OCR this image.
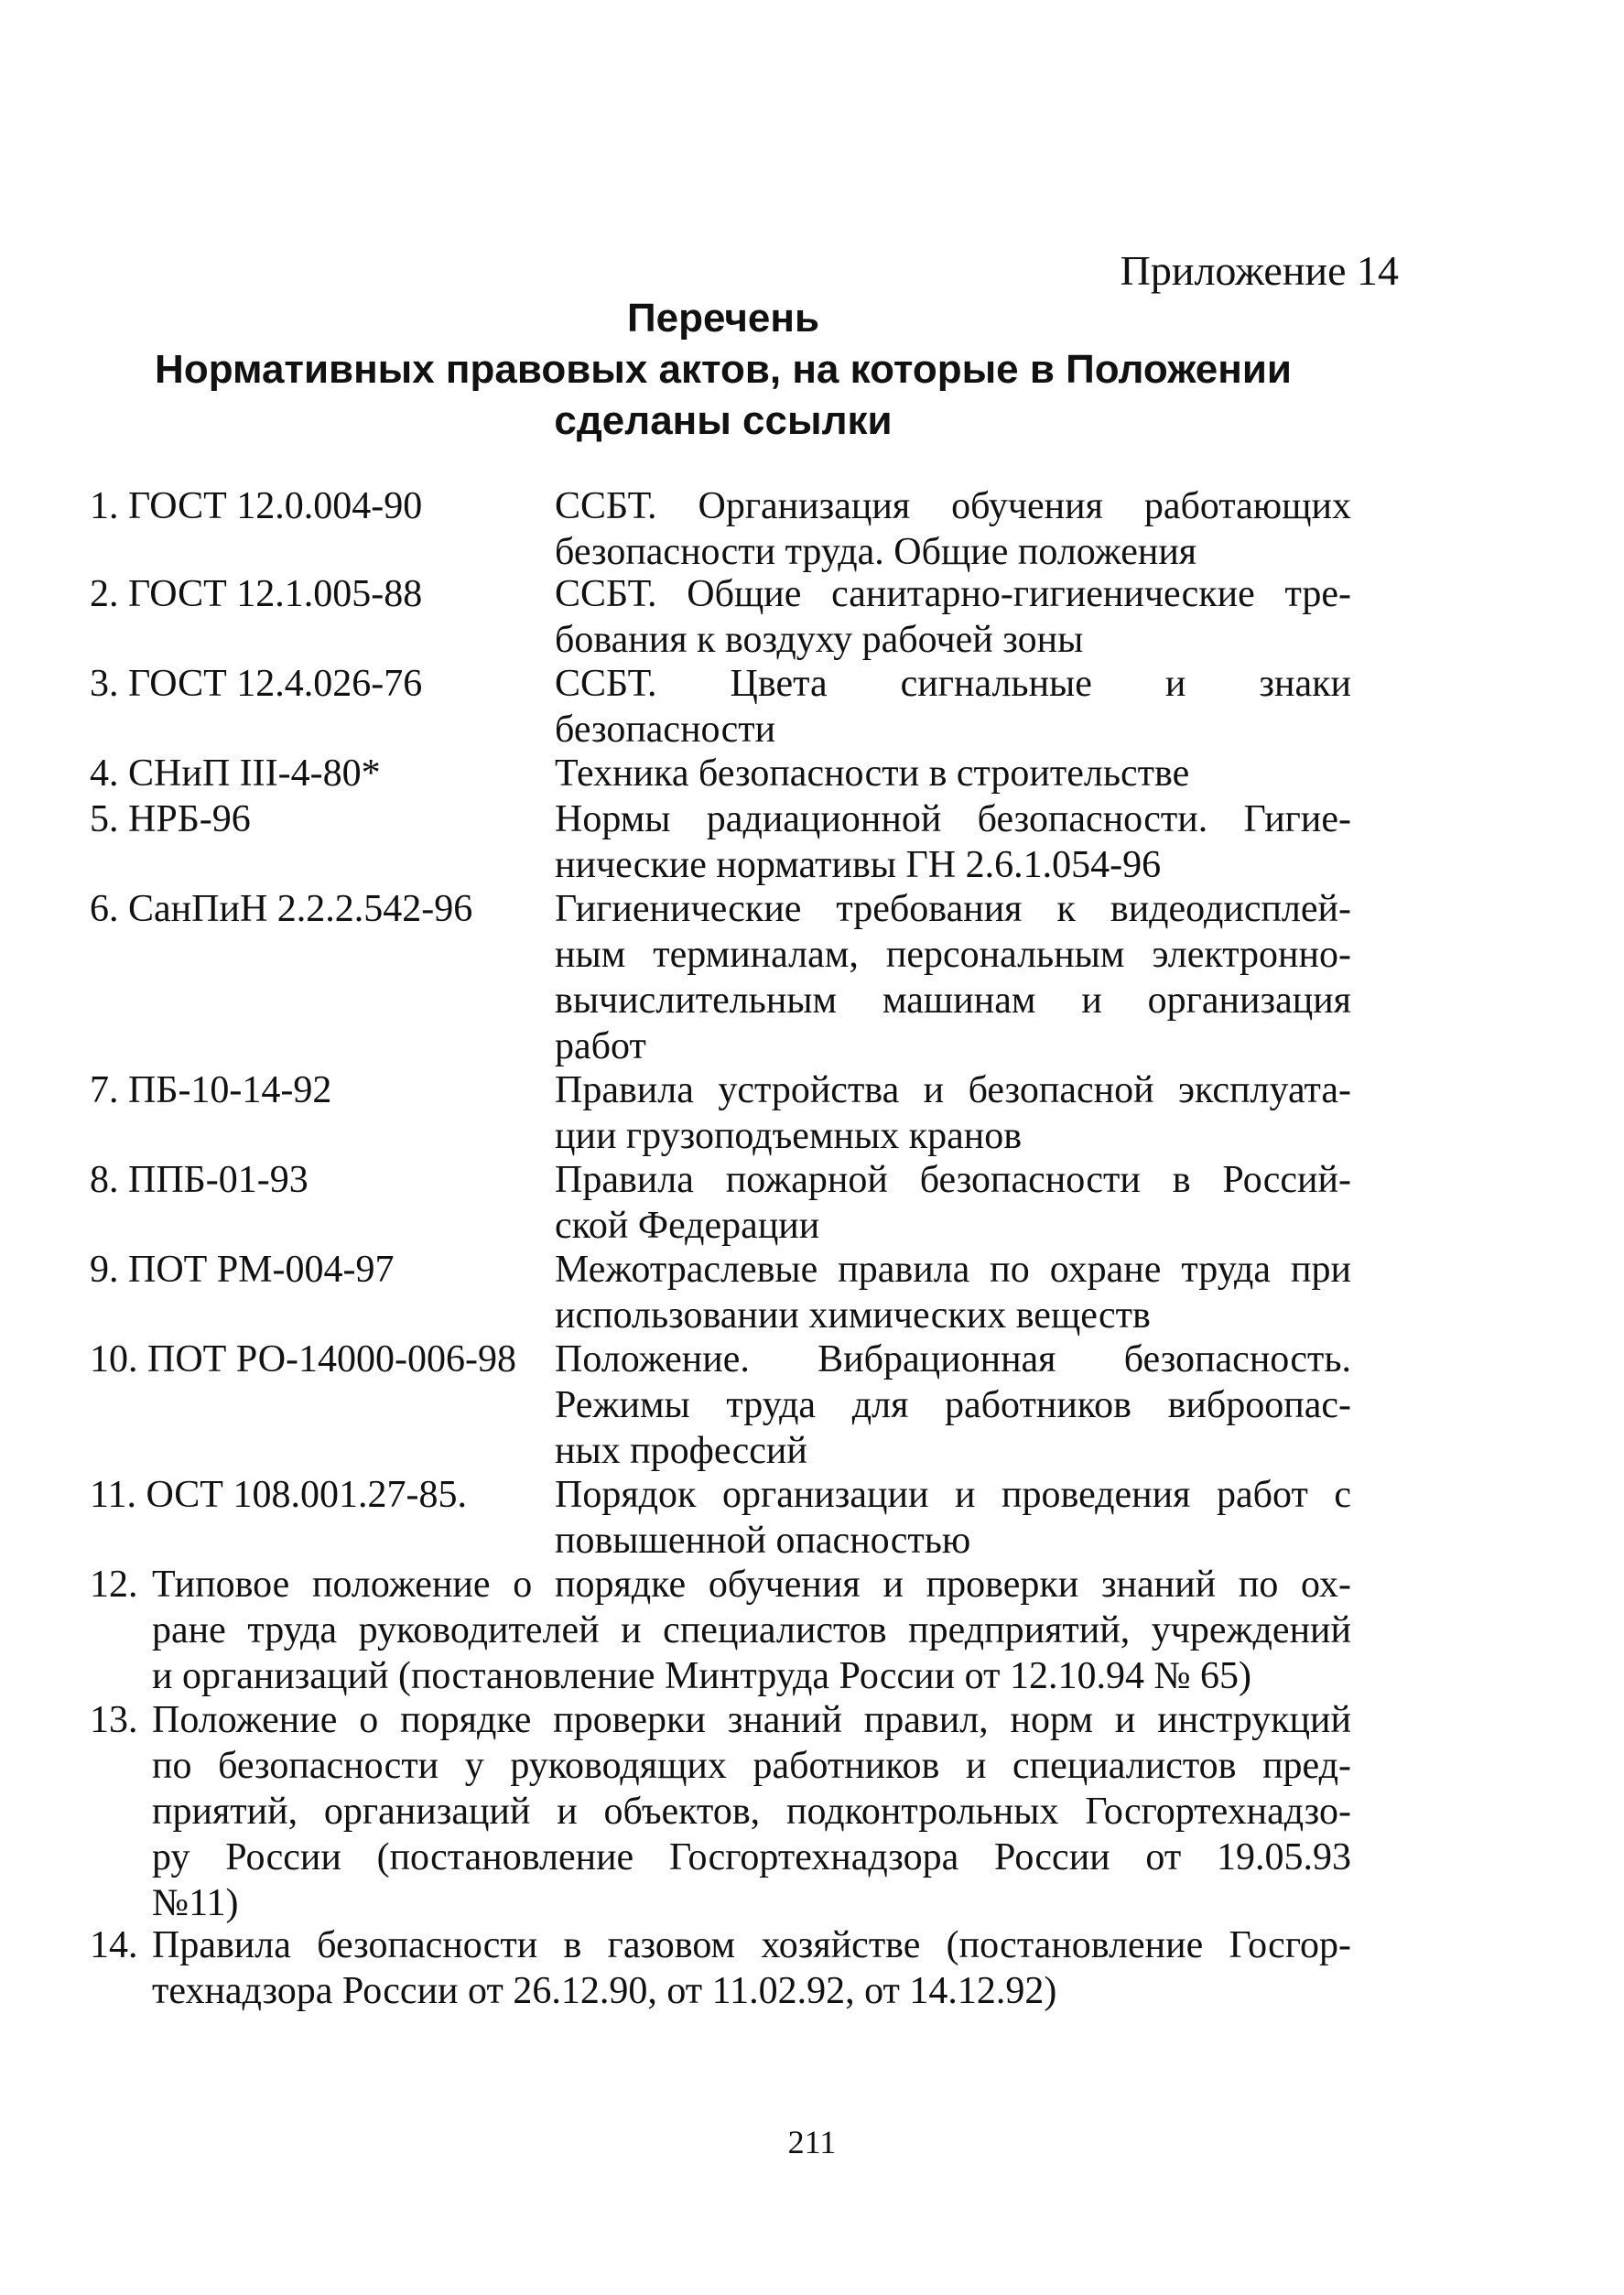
Приложение 14
Перечень
Нормативных правовых актов, на которые в Положении
сделаны ссылки
1. ГОСТ 12.0.004-90	ССБТ. Организация обучения работающих
безопасности труда. Общие положения
2. ГОСТ 12.1.005-88	ССБТ. Общие санитарно-гигиенические тре-
бования к воздуху рабочей зоны
3. ГОСТ 12.4.026-76	ССБТ. Цвета сигнальные и знаки
безопасности
4. СНиП III-4-80*	Техника безопасности в строительстве
5. НРБ-96	Нормы радиационной безопасности. Гигие-
нические нормативы ГН 2.6.1.054-96
6. СанПиН 2.2.2.542-96 Гигиенические требования к видеодисплей-
ным терминалам, персональным электронно-
вычислительным машинам и организация
работ
7. ПБ-10-14-92	Правила устройства и безопасной эксплуата-
ции грузоподъемных кранов
8. ППБ-01-93	Правила пожарной безопасности в Россий-
ской Федерации
9. ПОТ РМ-004-97	Межотраслевые правила по охране труда при
использовании химических веществ
10. ПОТ РО-14000-006-98 Положение. Вибрационная безопасность.
Режимы труда для работников виброопас-
ных профессий
11. ОСТ 108.001.27-85. Порядок организации и проведения работ с
повышенной опасностью
12. Типовое положение о порядке обучения и проверки знаний по ох-
ране труда руководителей и специалистов предприятий, учреждений
и организаций (постановление Минтруда России от 12.10.94 № 65)
13. Положение о порядке проверки знаний правил, норм и инструкций
по безопасности у руководящих работников и специалистов пред-
приятий, организаций и объектов, подконтрольных Госгортехнадзо-
ру России (постановление Госгортехнадзора России от 19.05.93
№11)
14. Правила безопасности в газовом хозяйстве (постановление Госгор-
технадзора России от 26.12.90, от 11.02.92, от 14.12.92)
211
